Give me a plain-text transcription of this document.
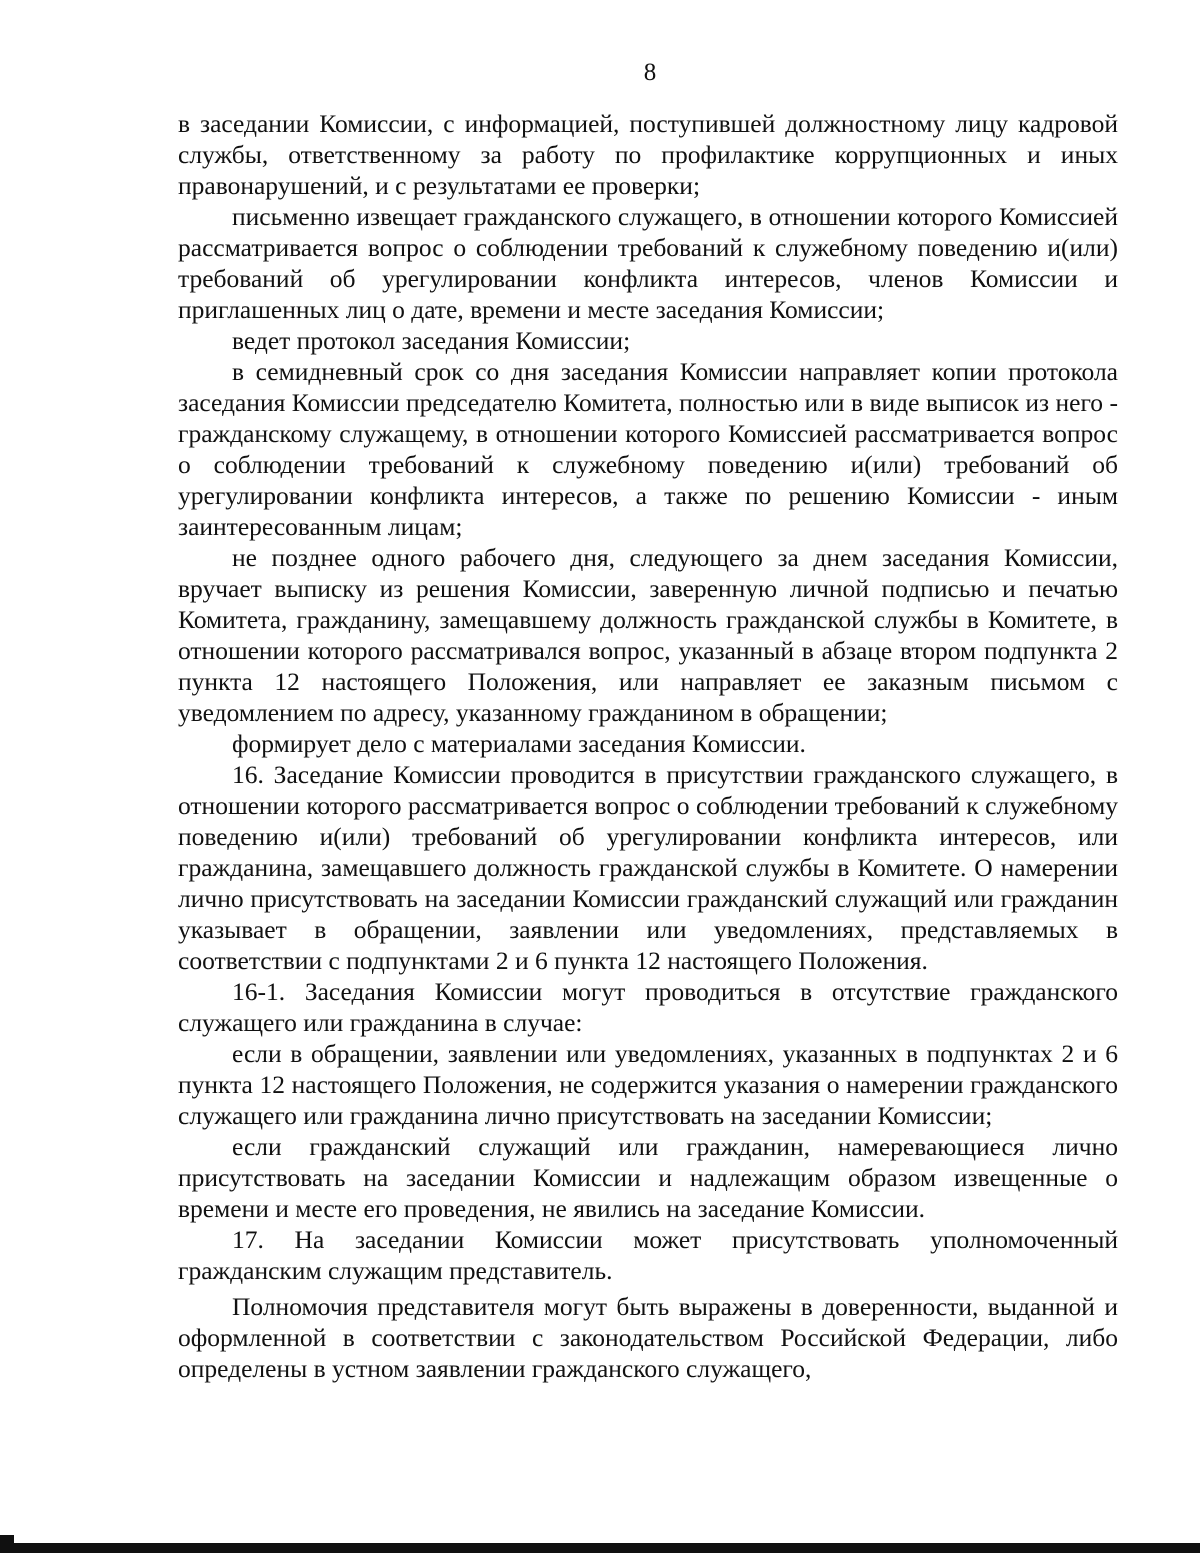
8

в заседании Комиссии, с информацией, поступившей должностному лицу кадровой службы, ответственному за работу по профилактике коррупционных и иных правонарушений, и с результатами ее проверки;

письменно извещает гражданского служащего, в отношении которого Комиссией рассматривается вопрос о соблюдении требований к служебному поведению и(или) требований об урегулировании конфликта интересов, членов Комиссии и приглашенных лиц о дате, времени и месте заседания Комиссии;

ведет протокол заседания Комиссии;

в семидневный срок со дня заседания Комиссии направляет копии протокола заседания Комиссии председателю Комитета, полностью или в виде выписок из него - гражданскому служащему, в отношении которого Комиссией рассматривается вопрос о соблюдении требований к служебному поведению и(или) требований об урегулировании конфликта интересов, а также по решению Комиссии - иным заинтересованным лицам;

не позднее одного рабочего дня, следующего за днем заседания Комиссии, вручает выписку из решения Комиссии, заверенную личной подписью и печатью Комитета, гражданину, замещавшему должность гражданской службы в Комитете, в отношении которого рассматривался вопрос, указанный в абзаце втором подпункта 2 пункта 12 настоящего Положения, или направляет ее заказным письмом с уведомлением по адресу, указанному гражданином в обращении;

формирует дело с материалами заседания Комиссии.

16. Заседание Комиссии проводится в присутствии гражданского служащего, в отношении которого рассматривается вопрос о соблюдении требований к служебному поведению и(или) требований об урегулировании конфликта интересов, или гражданина, замещавшего должность гражданской службы в Комитете. О намерении лично присутствовать на заседании Комиссии гражданский служащий или гражданин указывает в обращении, заявлении или уведомлениях, представляемых в соответствии с подпунктами 2 и 6 пункта 12 настоящего Положения.

16-1. Заседания Комиссии могут проводиться в отсутствие гражданского служащего или гражданина в случае:

если в обращении, заявлении или уведомлениях, указанных в подпунктах 2 и 6 пункта 12 настоящего Положения, не содержится указания о намерении гражданского служащего или гражданина лично присутствовать на заседании Комиссии;

если гражданский служащий или гражданин, намеревающиеся лично присутствовать на заседании Комиссии и надлежащим образом извещенные о времени и месте его проведения, не явились на заседание Комиссии.

17. На заседании Комиссии может присутствовать уполномоченный гражданским служащим представитель.

Полномочия представителя могут быть выражены в доверенности, выданной и оформленной в соответствии с законодательством Российской Федерации, либо определены в устном заявлении гражданского служащего,
